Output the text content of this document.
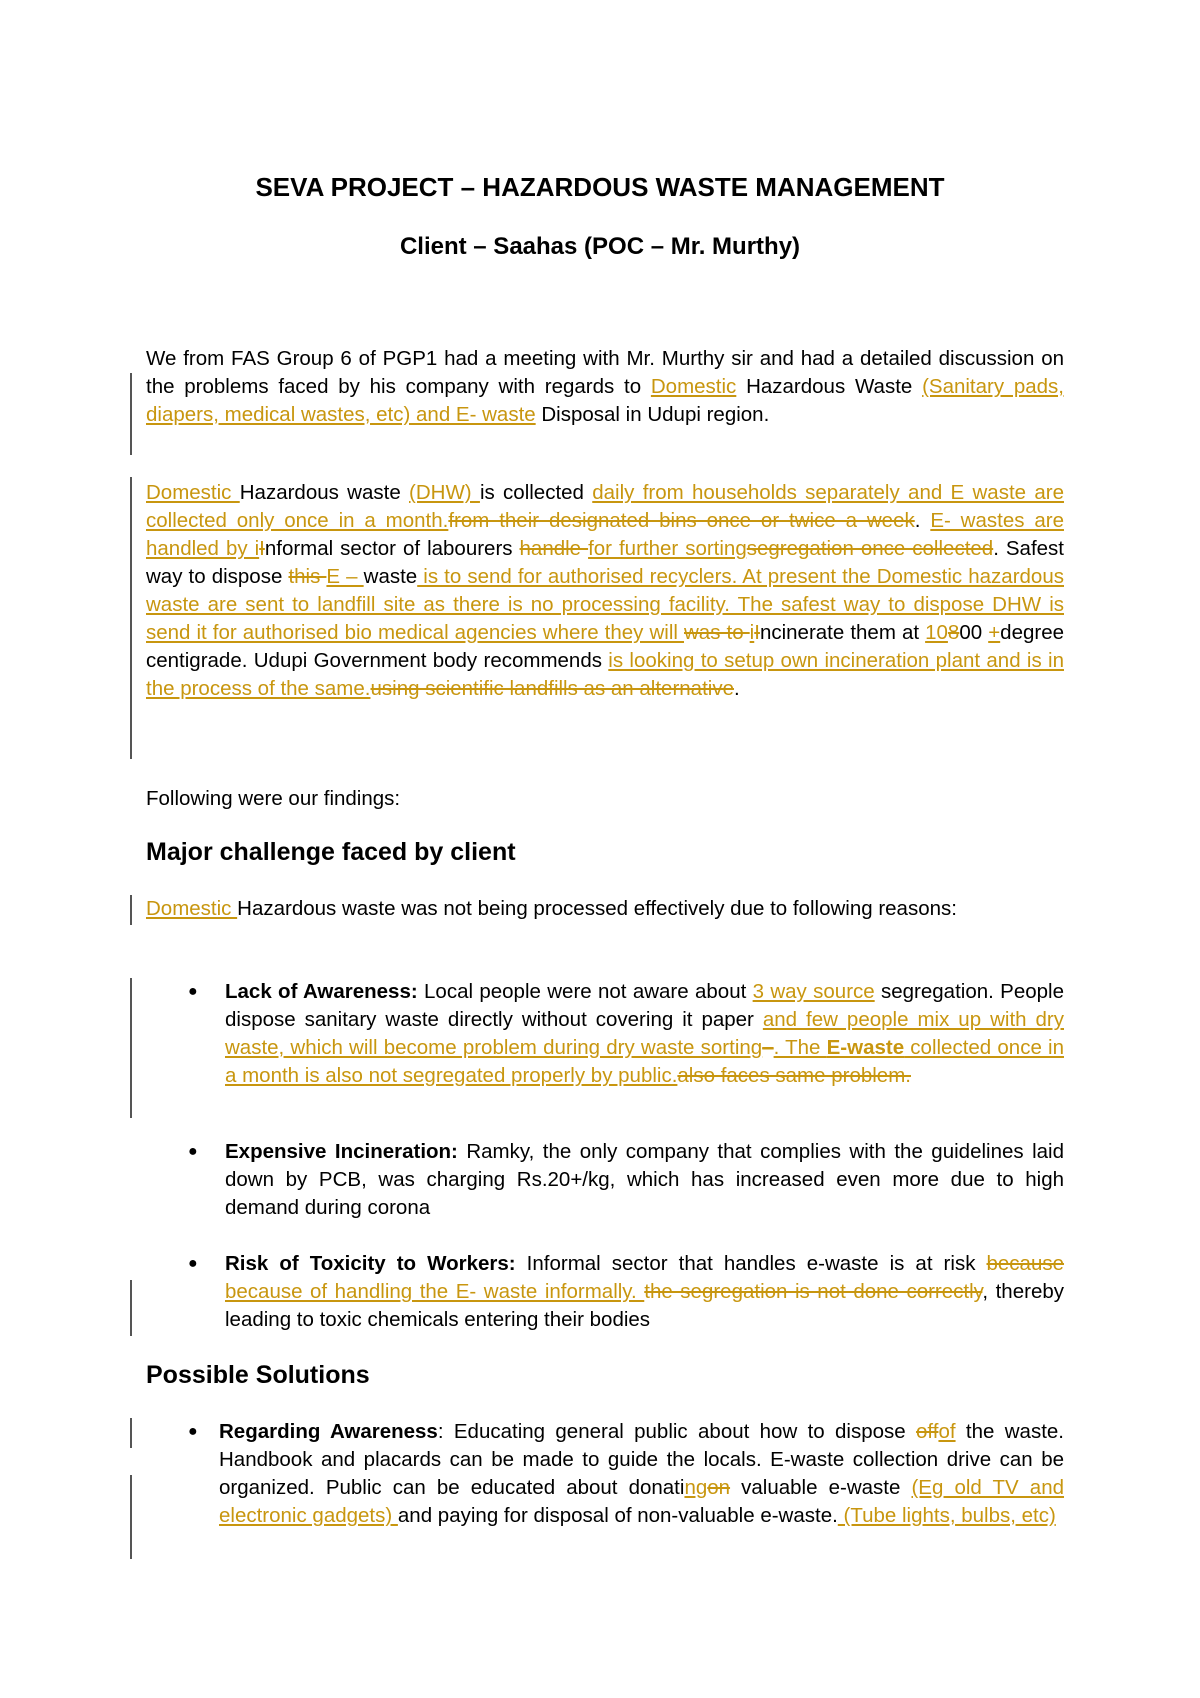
SEVA PROJECT – HAZARDOUS WASTE MANAGEMENT
Client – Saahas (POC – Mr. Murthy)

We from FAS Group 6 of PGP1 had a meeting with Mr. Murthy sir and had a detailed discussion on the problems faced by his company with regards to Domestic Hazardous Waste (Sanitary pads, diapers, medical wastes, etc) and E- waste Disposal in Udupi region.

Domestic Hazardous waste (DHW) is collected daily from households separately and E waste are collected only once in a month.from their designated bins once or twice a week. E- wastes are handled by iInformal sector of labourers handle for further sortingsegregation once collected. Safest way to dispose this E – waste is to send for authorised recyclers. At present the Domestic hazardous waste are sent to landfill site as there is no processing facility. The safest way to dispose DHW is send it for authorised bio medical agencies where they will was to iIncinerate them at 10800 +degree centigrade. Udupi Government body recommends is looking to setup own incineration plant and is in the process of the same.using scientific landfills as an alternative.

Following were our findings:

Major challenge faced by client

Domestic Hazardous waste was not being processed effectively due to following reasons:

● Lack of Awareness: Local people were not aware about 3 way source segregation. People dispose sanitary waste directly without covering it paper and few people mix up with dry waste, which will become problem during dry waste sorting–. The E-waste collected once in a month is also not segregated properly by public.also faces same problem.
● Expensive Incineration: Ramky, the only company that complies with the guidelines laid down by PCB, was charging Rs.20+/kg, which has increased even more due to high demand during corona
● Risk of Toxicity to Workers: Informal sector that handles e-waste is at risk because because of handling the E- waste informally. the segregation is not done correctly, thereby leading to toxic chemicals entering their bodies
Possible Solutions
● Regarding Awareness: Educating general public about how to dispose offof the waste. Handbook and placards can be made to guide the locals. E-waste collection drive can be organized. Public can be educated about donatingon valuable e-waste (Eg old TV and electronic gadgets) and paying for disposal of non-valuable e-waste. (Tube lights, bulbs, etc)
